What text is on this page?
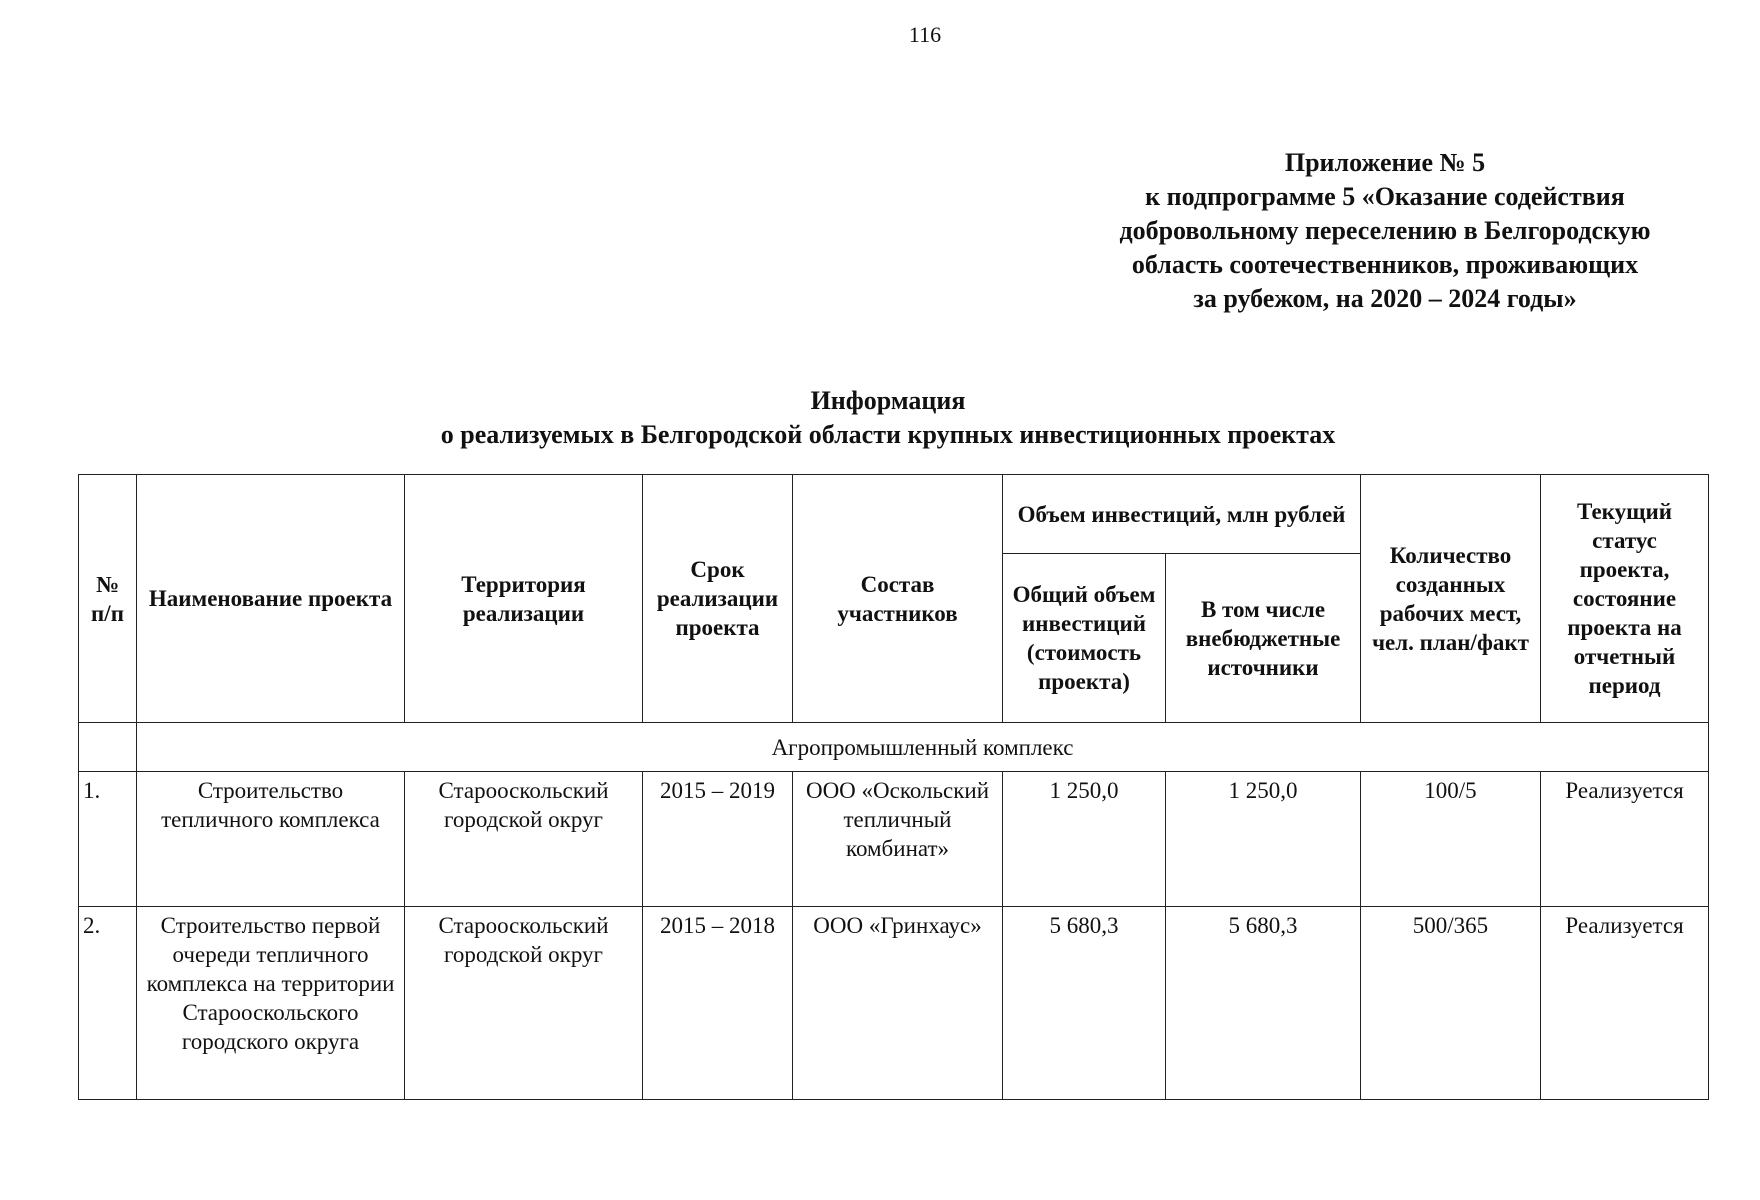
116
Приложение № 5
к подпрограмме 5 «Оказание содействия
добровольному переселению в Белгородскую
область соотечественников, проживающих
за рубежом, на 2020 – 2024 годы»
Информация
о реализуемых в Белгородской области крупных инвестиционных проектах
№ п/п	Наименование проекта	Территория реализации	Срок реализации проекта	Состав участников	Объем инвестиций, млн рублей		Количество созданных рабочих мест, чел. план/факт	Текущий статус проекта, состояние проекта на отчетный период
					Общий объем инвестиций (стоимость проекта)	В том числе внебюджетные источники		
	Агропромышленный комплекс							
1.	Строительство тепличного комплекса	Старооскольский городской округ	2015 – 2019	ООО «Оскольский тепличный комбинат»	1 250,0	1 250,0	100/5	Реализуется
2.	Строительство первой очереди тепличного комплекса на территории Старооскольского городского округа	Старооскольский городской округ	2015 – 2018	ООО «Гринхаус»	5 680,3	5 680,3	500/365	Реализуется
